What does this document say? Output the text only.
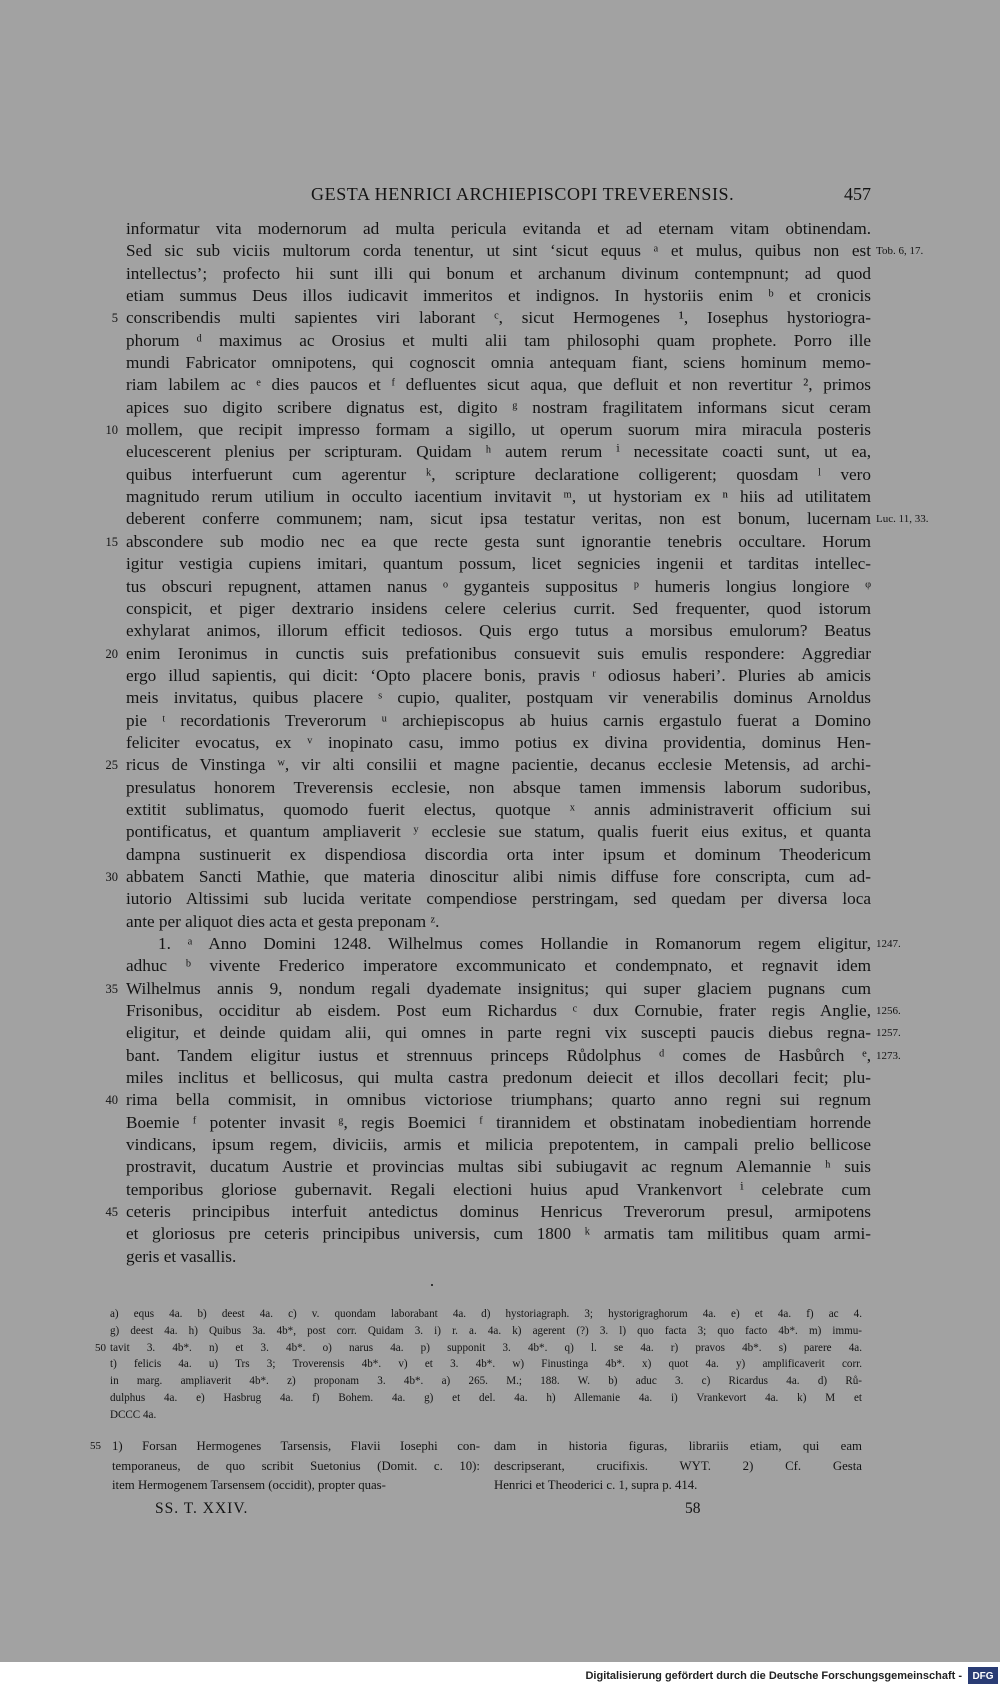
GESTA HENRICI ARCHIEPISCOPI TREVERENSIS.	457
informatur vita modernorum ad multa pericula evitanda et ad eternam vitam obtinendam.
Sed sic sub viciis multorum corda tenentur, ut sint ‘sicut equus ᵃ et mulus, quibus non est Tob. 6, 17.
intellectus’; profecto hii sunt illi qui bonum et archanum divinum contempnunt; ad quod
etiam summus Deus illos iudicavit immeritos et indignos. In hystoriis enim ᵇ et cronicis
5 conscribendis multi sapientes viri laborant ᶜ, sicut Hermogenes ¹, Iosephus hystoriogra-
phorum ᵈ maximus ac Orosius et multi alii tam philosophi quam prophete. Porro ille
mundi Fabricator omnipotens, qui cognoscit omnia antequam fiant, sciens hominum memo-
riam labilem ac ᵉ dies paucos et ᶠ defluentes sicut aqua, que defluit et non revertitur ², primos
apices suo digito scribere dignatus est, digito ᵍ nostram fragilitatem informans sicut ceram
10 mollem, que recipit impresso formam a sigillo, ut operum suorum mira miracula posteris
elucescerent plenius per scripturam. Quidam ʰ autem rerum ⁱ necessitate coacti sunt, ut ea,
quibus interfuerunt cum agerentur ᵏ, scripture declaratione colligerent; quosdam ˡ vero
magnitudo rerum utilium in occulto iacentium invitavit ᵐ, ut hystoriam ex ⁿ hiis ad utilitatem
deberent conferre communem; nam, sicut ipsa testatur veritas, non est bonum, lucernam Luc. 11, 33.
15 abscondere sub modio nec ea que recte gesta sunt ignorantie tenebris occultare. Horum
igitur vestigia cupiens imitari, quantum possum, licet segnicies ingenii et tarditas intellec-
tus obscuri repugnent, attamen nanus ᵒ gyganteis suppositus ᵖ humeris longius longiore ᵠ
conspicit, et piger dextrario insidens celere celerius currit. Sed frequenter, quod istorum
exhylarat animos, illorum efficit tediosos. Quis ergo tutus a morsibus emulorum? Beatus
20 enim Ieronimus in cunctis suis prefationibus consuevit suis emulis respondere: Aggrediar
ergo illud sapientis, qui dicit: ‘Opto placere bonis, pravis ʳ odiosus haberi’. Pluries ab amicis
meis invitatus, quibus placere ˢ cupio, qualiter, postquam vir venerabilis dominus Arnoldus
pie ᵗ recordationis Treverorum ᵘ archiepiscopus ab huius carnis ergastulo fuerat a Domino
feliciter evocatus, ex ᵛ inopinato casu, immo potius ex divina providentia, dominus Hen-
25 ricus de Vinstinga ʷ, vir alti consilii et magne pacientie, decanus ecclesie Metensis, ad archi-
presulatus honorem Treverensis ecclesie, non absque tamen immensis laborum sudoribus,
extitit sublimatus, quomodo fuerit electus, quotque ˣ annis administraverit officium sui
pontificatus, et quantum ampliaverit ʸ ecclesie sue statum, qualis fuerit eius exitus, et quanta
dampna sustinuerit ex dispendiosa discordia orta inter ipsum et dominum Theodericum
30 abbatem Sancti Mathie, que materia dinoscitur alibi nimis diffuse fore conscripta, cum ad-
iutorio Altissimi sub lucida veritate compendiose perstringam, sed quedam per diversa loca
ante per aliquot dies acta et gesta preponam ᶻ.
1. ᵃ Anno Domini 1248. Wilhelmus comes Hollandie in Romanorum regem eligitur, 1247.
adhuc ᵇ vivente Frederico imperatore excommunicato et condempnato, et regnavit idem
35 Wilhelmus annis 9, nondum regali dyademate insignitus; qui super glaciem pugnans cum
Frisonibus, occiditur ab eisdem. Post eum Richardus ᶜ dux Cornubie, frater regis Anglie, 1256.
eligitur, et deinde quidam alii, qui omnes in parte regni vix suscepti paucis diebus regna- 1257.
bant. Tandem eligitur iustus et strennuus princeps Růdolphus ᵈ comes de Hasbůrch ᵉ, 1273.
miles inclitus et bellicosus, qui multa castra predonum deiecit et illos decollari fecit; plu-
40 rima bella commisit, in omnibus victoriose triumphans; quarto anno regni sui regnum
Boemie ᶠ potenter invasit ᵍ, regis Boemici ᶠ tirannidem et obstinatam inobedientiam horrende
vindicans, ipsum regem, diviciis, armis et milicia prepotentem, in campali prelio bellicose
prostravit, ducatum Austrie et provincias multas sibi subiugavit ac regnum Alemannie ʰ suis
temporibus gloriose gubernavit. Regali electioni huius apud Vrankenvort ⁱ celebrate cum
45 ceteris principibus interfuit antedictus dominus Henricus Treverorum presul, armipotens
et gloriosus pre ceteris principibus universis, cum 1800 ᵏ armatis tam militibus quam armi-
geris et vasallis.
a) equs 4a. b) deest 4a. c) v. quondam laborabant 4a. d) hystoriagraph. 3; hystorigraghorum 4a. e) et 4a. f) ac 4.
g) deest 4a. h) Quibus 3a. 4b*, post corr. Quidam 3. i) r. a. 4a. k) agerent (?) 3. l) quo facta 3; quo facto 4b*. m) immu-
50 tavit 3. 4b*. n) et 3. 4b*. o) narus 4a. p) supponit 3. 4b*. q) l. se 4a. r) pravos 4b*. s) parere 4a.
t) felicis 4a. u) Trs 3; Troverensis 4b*. v) et 3. 4b*. w) Finustinga 4b*. x) quot 4a. y) amplificaverit corr.
in marg. ampliaverit 4b*. z) proponam 3. 4b*. a) 265. M.; 188. W. b) aduc 3. c) Ricardus 4a. d) Rů-
dulphus 4a. e) Hasbrug 4a. f) Bohem. 4a. g) et del. 4a. h) Allemanie 4a. i) Vrankevort 4a. k) M et
DCCC 4a.
55 1) Forsan Hermogenes Tarsensis, Flavii Iosephi con-
temporaneus, de quo scribit Suetonius (Domit. c. 10):
item Hermogenem Tarsensem (occidit), propter quas-
dam in historia figuras, librariis etiam, qui eam
descripserant, crucifixis. WYT. 2) Cf. Gesta
Henrici et Theoderici c. 1, supra p. 414.
SS. T. XXIV.	58
Digitalisierung gefördert durch die Deutsche Forschungsgemeinschaft -	DFG
